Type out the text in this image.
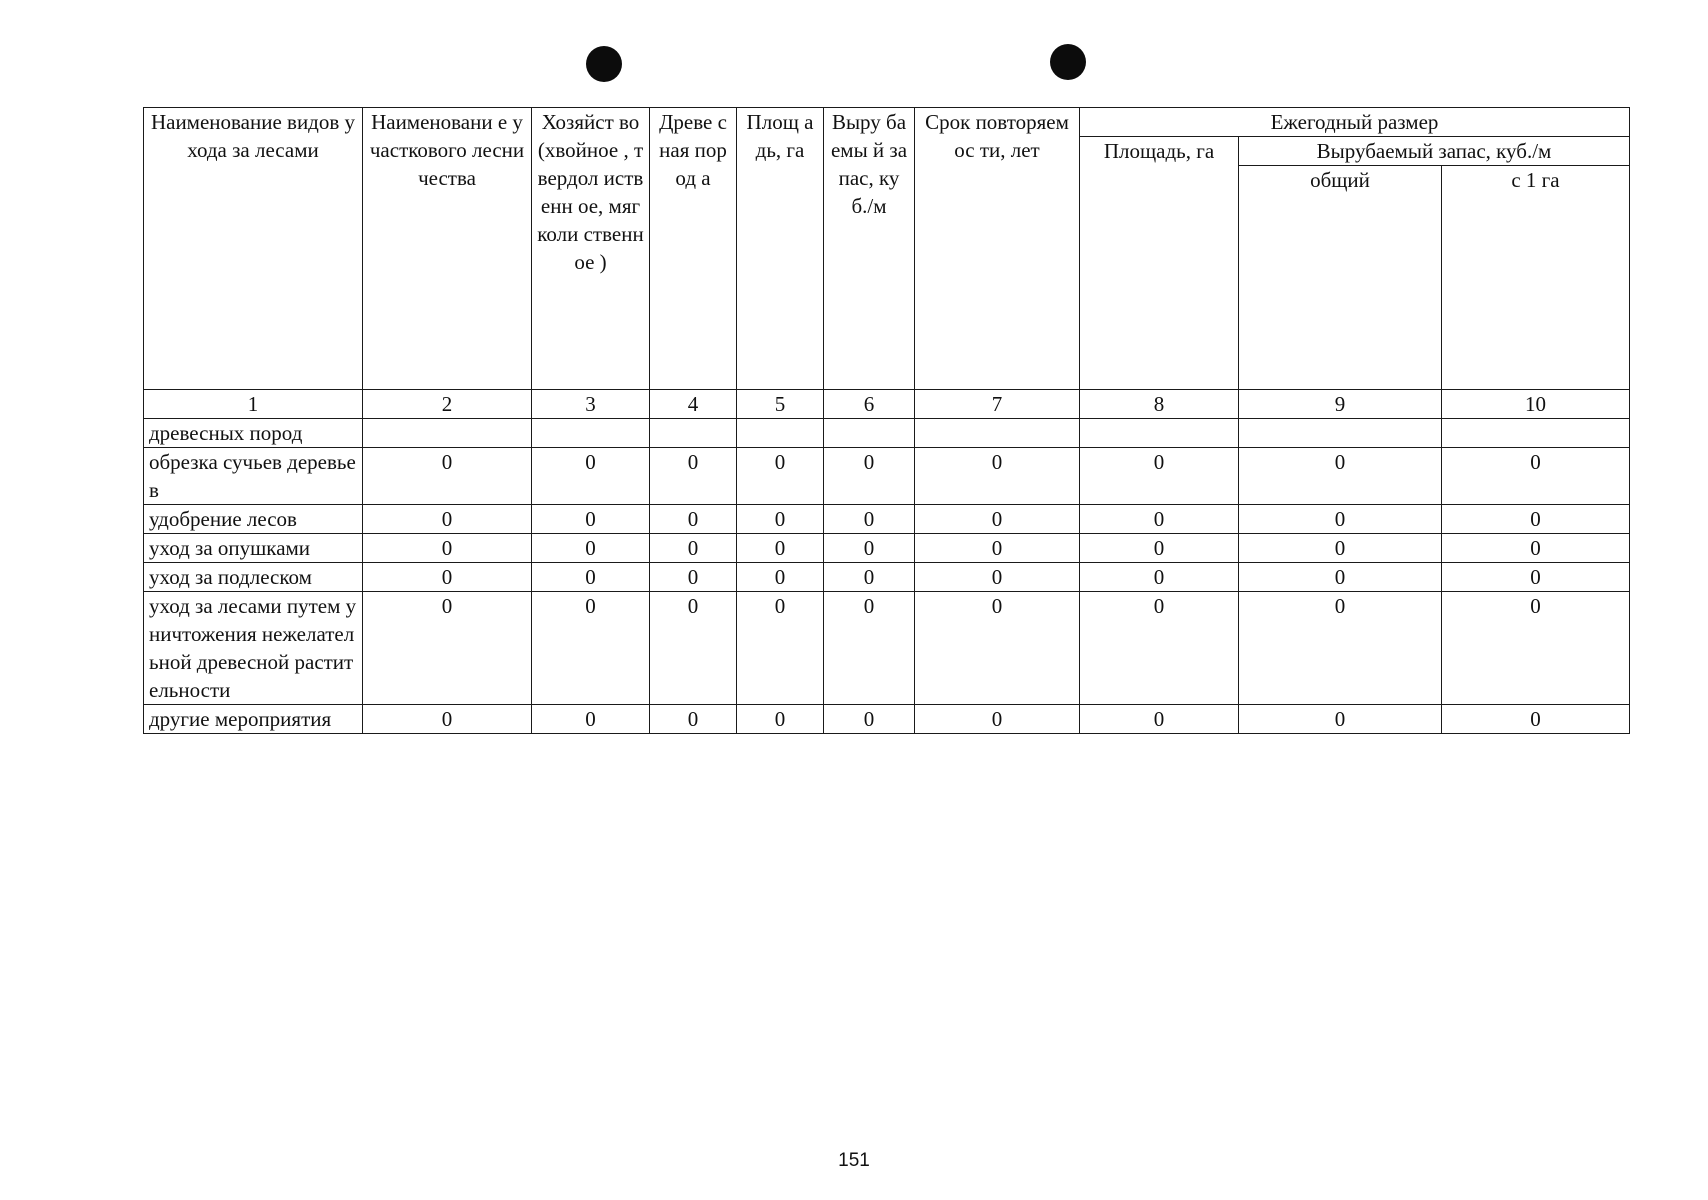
Наименование видов ухода за лесами	Наименовани е участкового лесничества	Хозяйст во (хвойное , твердол иственн ое, мягколи ственное )	Древе сная пород а	Площ адь, га	Выру баемы й запас, куб./м	Срок повторяемос ти, лет	Ежегодный размер		
							Площадь, га	Вырубаемый запас, куб./м	
								общий	с 1 га
1	2	3	4	5	6	7	8	9	10
древесных пород									
обрезка сучьев деревьев	0	0	0	0	0	0	0	0	0
удобрение лесов	0	0	0	0	0	0	0	0	0
уход за опушками	0	0	0	0	0	0	0	0	0
уход за подлеском	0	0	0	0	0	0	0	0	0
уход за лесами путем уничтожения нежелательной древесной растительности	0	0	0	0	0	0	0	0	0
другие мероприятия	0	0	0	0	0	0	0	0	0
151
